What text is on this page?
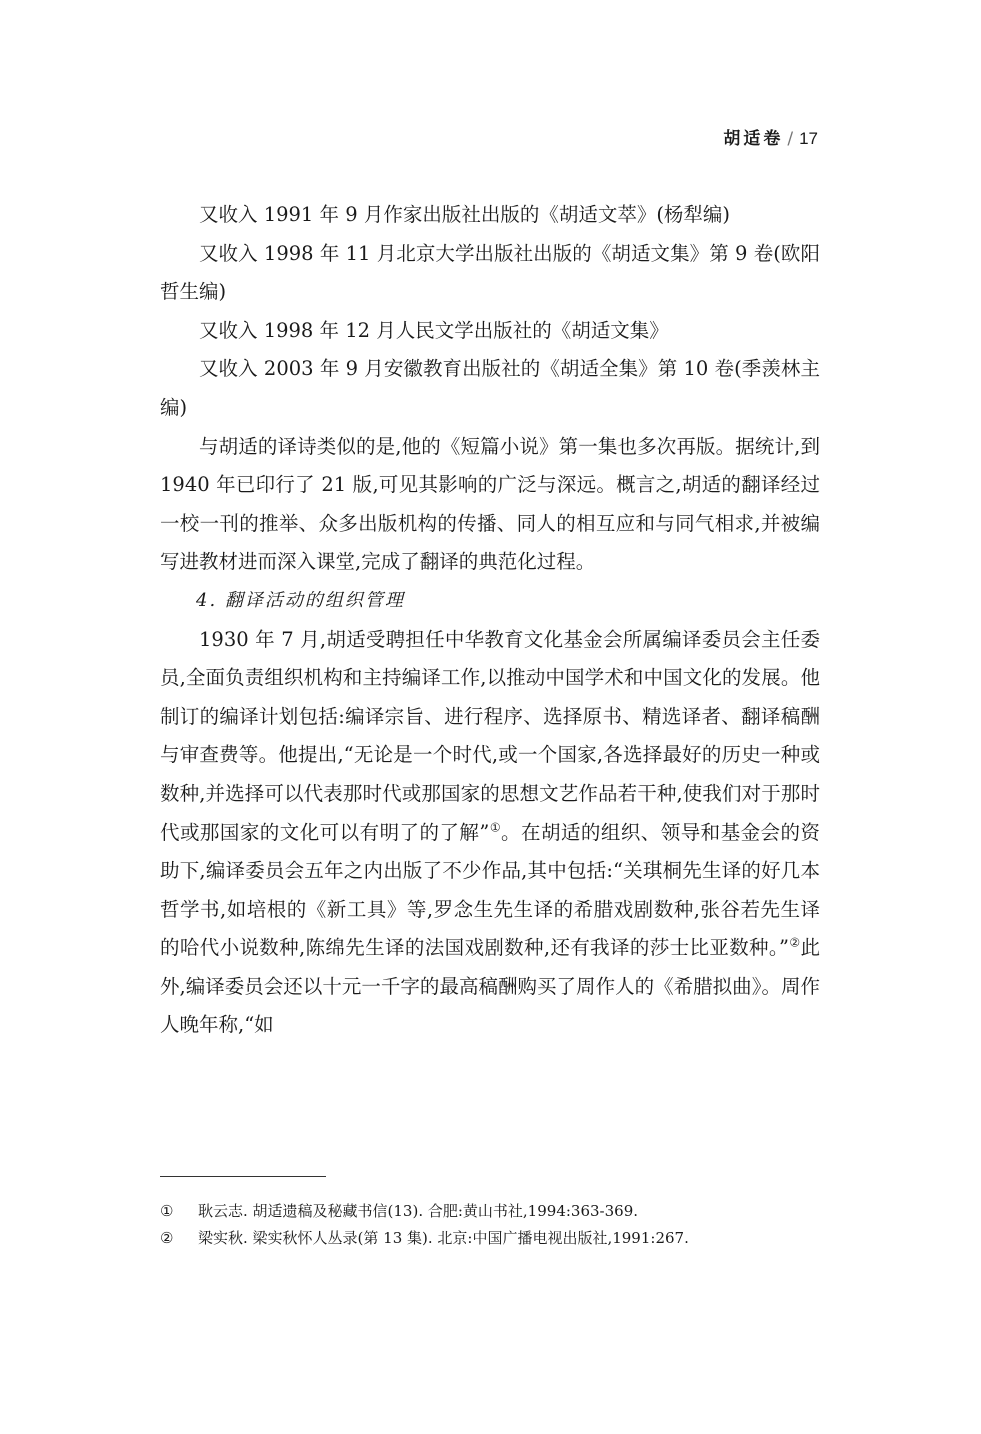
胡适卷 / 17

又收入 1991 年 9 月作家出版社出版的《胡适文萃》(杨犁编)

又收入 1998 年 11 月北京大学出版社出版的《胡适文集》第 9 卷(欧阳哲生编)

又收入 1998 年 12 月人民文学出版社的《胡适文集》

又收入 2003 年 9 月安徽教育出版社的《胡适全集》第 10 卷(季羡林主编)

与胡适的译诗类似的是,他的《短篇小说》第一集也多次再版。据统计,到 1940 年已印行了 21 版,可见其影响的广泛与深远。概言之,胡适的翻译经过一校一刊的推举、众多出版机构的传播、同人的相互应和与同气相求,并被编写进教材进而深入课堂,完成了翻译的典范化过程。

4. 翻译活动的组织管理

1930 年 7 月,胡适受聘担任中华教育文化基金会所属编译委员会主任委员,全面负责组织机构和主持编译工作,以推动中国学术和中国文化的发展。他制订的编译计划包括:编译宗旨、进行程序、选择原书、精选译者、翻译稿酬与审查费等。他提出,“无论是一个时代,或一个国家,各选择最好的历史一种或数种,并选择可以代表那时代或那国家的思想文艺作品若干种,使我们对于那时代或那国家的文化可以有明了的了解”①。在胡适的组织、领导和基金会的资助下,编译委员会五年之内出版了不少作品,其中包括:“关琪桐先生译的好几本哲学书,如培根的《新工具》等,罗念生先生译的希腊戏剧数种,张谷若先生译的哈代小说数种,陈绵先生译的法国戏剧数种,还有我译的莎士比亚数种。”②此外,编译委员会还以十元一千字的最高稿酬购买了周作人的《希腊拟曲》。周作人晚年称,“如

①	耿云志. 胡适遗稿及秘藏书信(13). 合肥:黄山书社,1994:363-369.
②	梁实秋. 梁实秋怀人丛录(第 13 集). 北京:中国广播电视出版社,1991:267.
